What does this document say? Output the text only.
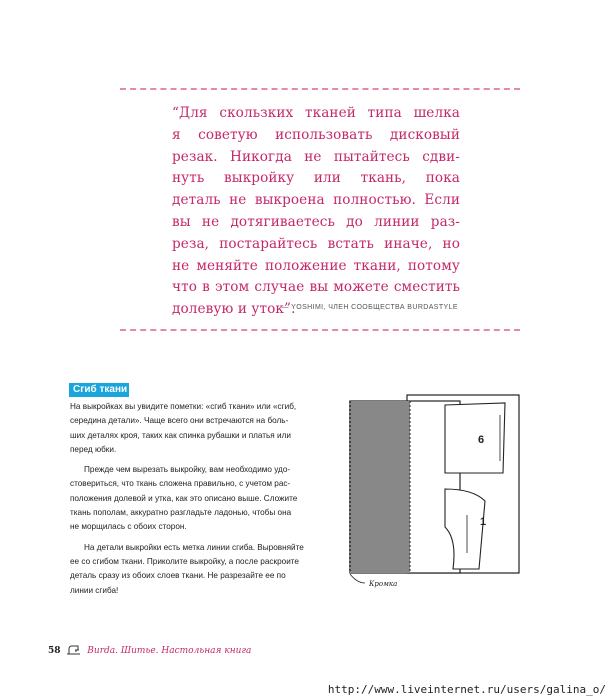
“Для скользких тканей типа шелка
я советую использовать дисковый
резак. Никогда не пытайтесь сдви-
нуть выкройку или ткань, пока
деталь не выкроена полностью. Если
вы не дотягиваетесь до линии раз-
реза, постарайтесь встать иначе, но
не меняйте положение ткани, потому
что в этом случае вы можете сместить
долевую и уток”.
— YOSHIMI, ЧЛЕН СООБЩЕСТВА BURDASTYLE
Сгиб ткани

На выкройках вы увидите пометки: «сгиб ткани» или «сгиб,
середина детали». Чаще всего они встречаются на боль-
ших деталях кроя, таких как спинка рубашки и платья или
перед юбки.

Прежде чем вырезать выкройку, вам необходимо удо-
стовериться, что ткань сложена правильно, с учетом рас-
положения долевой и утка, как это описано выше. Сложите
ткань пополам, аккуратно разгладьте ладонью, чтобы она
не морщилась с обоих сторон.

На детали выкройки есть метка линии сгиба. Выровняйте
ее со сгибом ткани. Приколите выкройку, а после раскроите
деталь сразу из обоих слоев ткани. Не разрезайте ее по
линии сгиба!

6
1
Кромка
58	Burda. Шитье. Настольная книга
http://www.liveinternet.ru/users/galina_o/
